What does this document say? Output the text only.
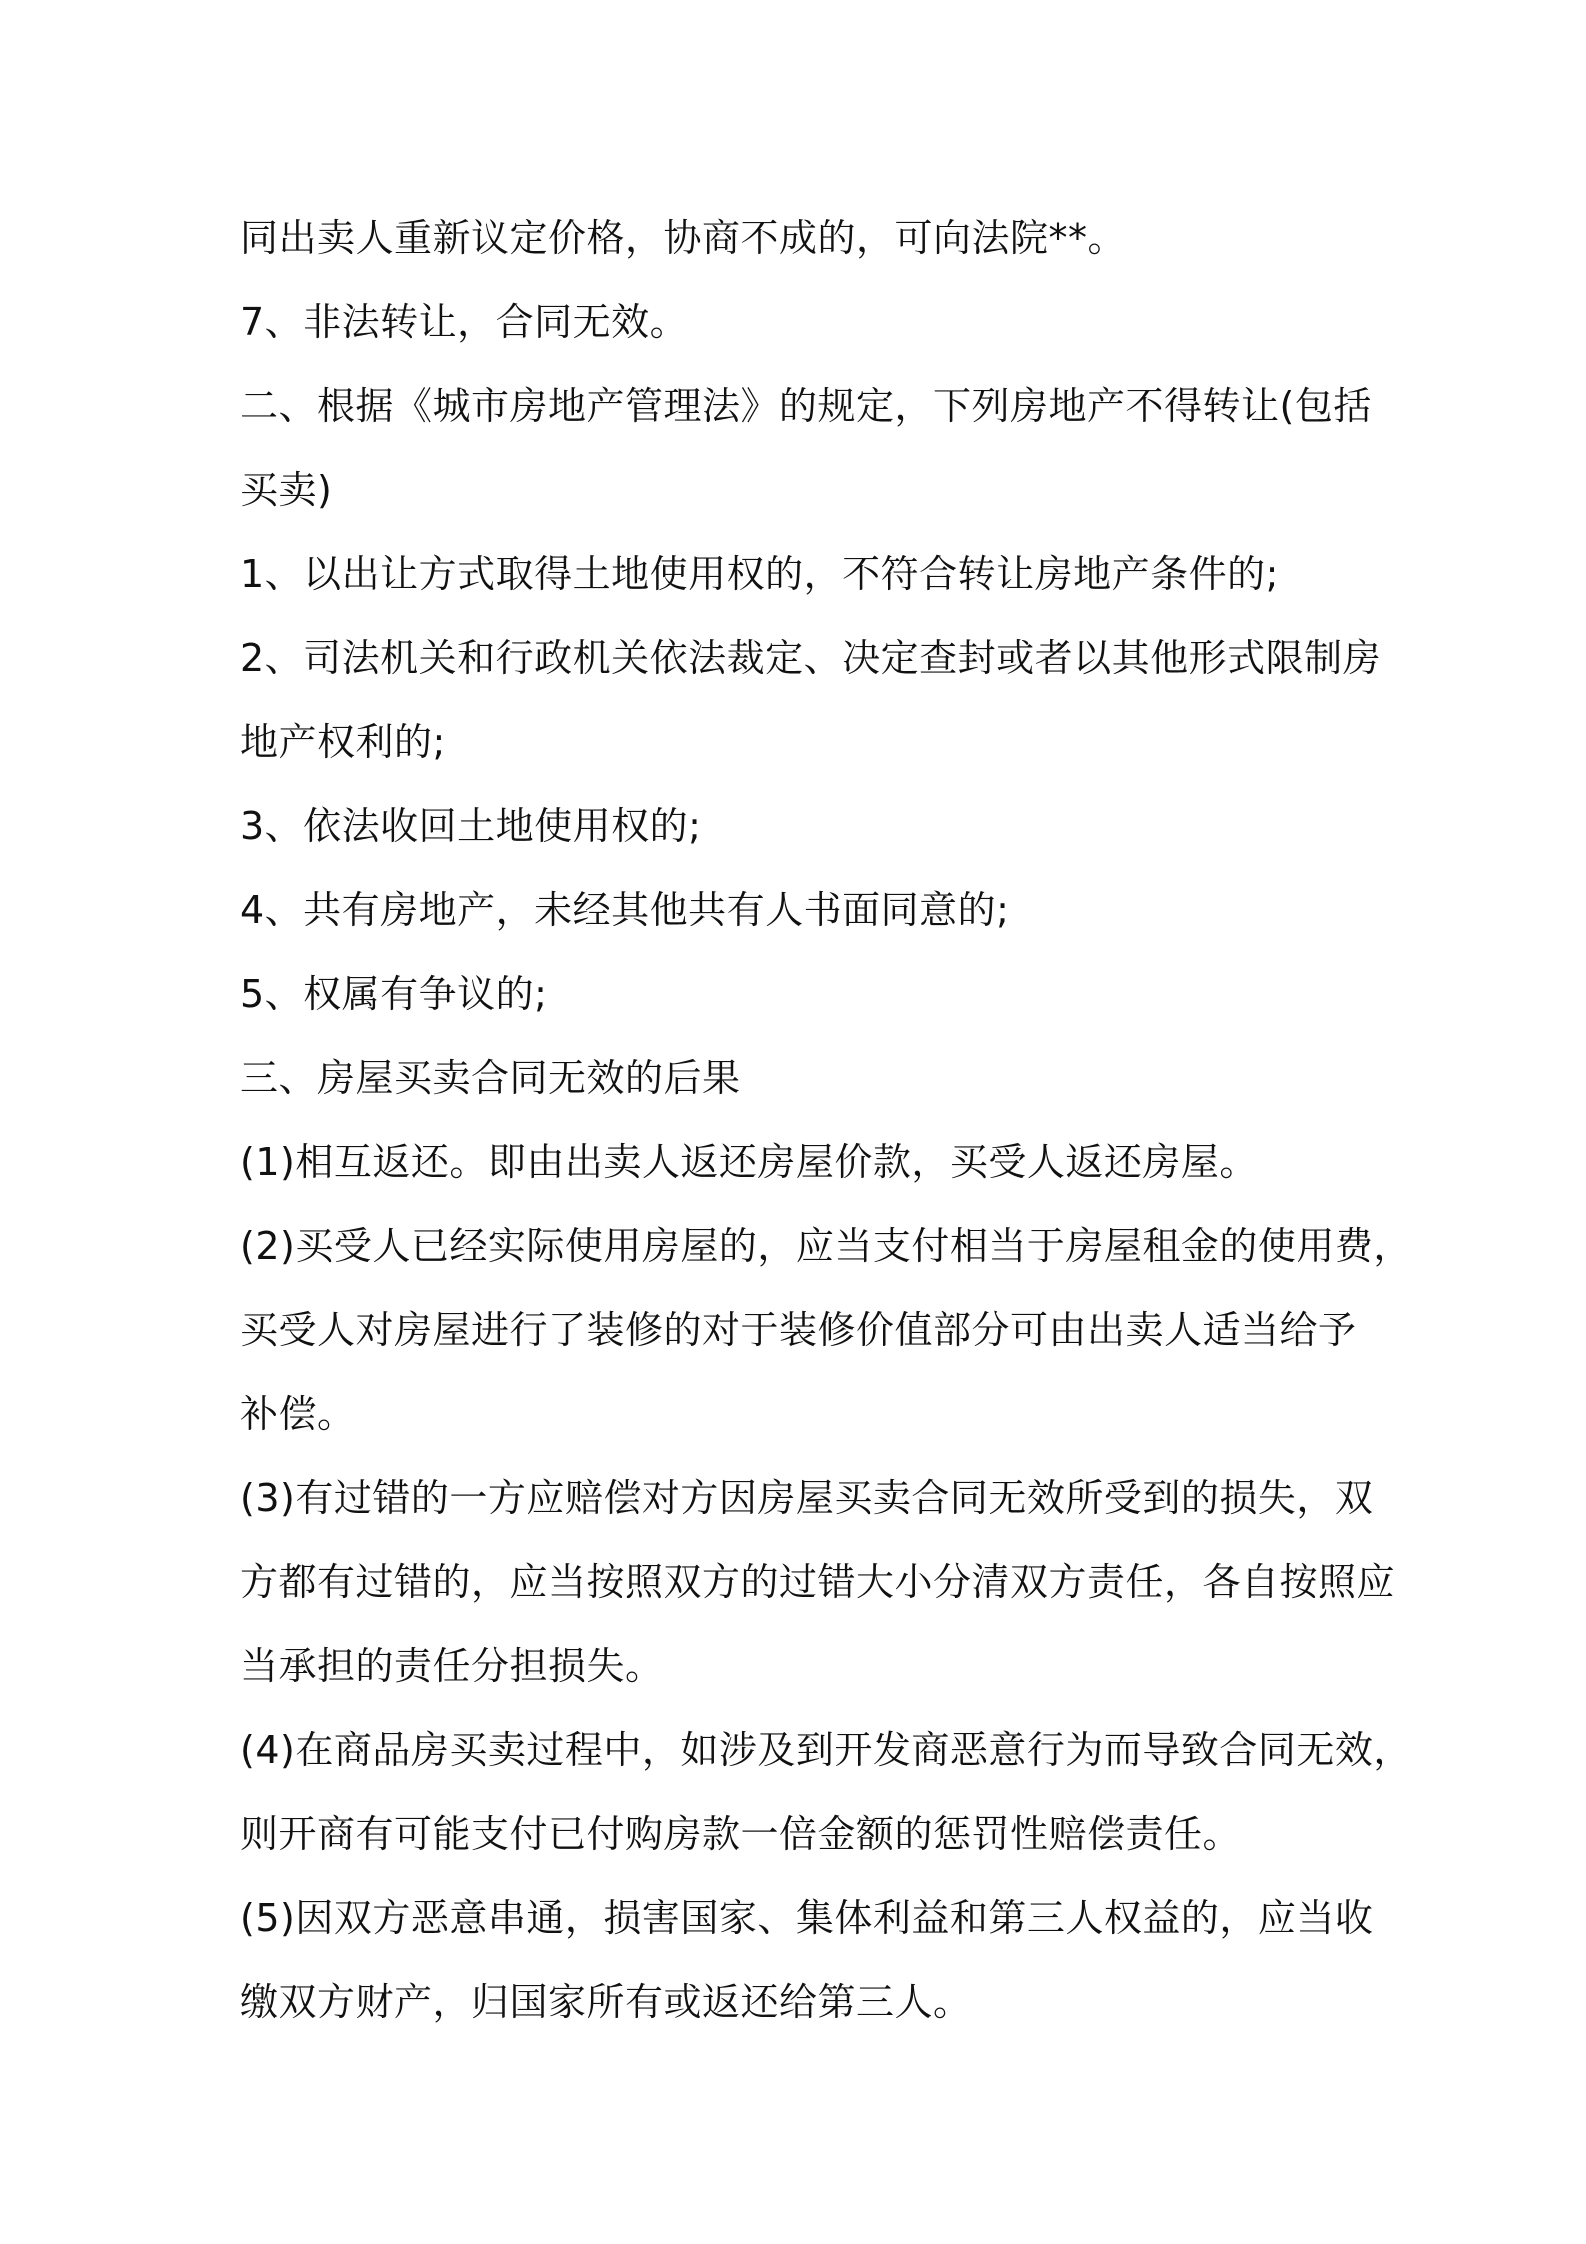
同出卖人重新议定价格，协商不成的，可向法院**。
7、非法转让，合同无效。
二、根据《城市房地产管理法》的规定，下列房地产不得转让(包括
买卖)
1、以出让方式取得土地使用权的，不符合转让房地产条件的;
2、司法机关和行政机关依法裁定、决定查封或者以其他形式限制房
地产权利的;
3、依法收回土地使用权的;
4、共有房地产，未经其他共有人书面同意的;
5、权属有争议的;
三、房屋买卖合同无效的后果
(1)相互返还。即由出卖人返还房屋价款，买受人返还房屋。
(2)买受人已经实际使用房屋的，应当支付相当于房屋租金的使用费，
买受人对房屋进行了装修的对于装修价值部分可由出卖人适当给予
补偿。
(3)有过错的一方应赔偿对方因房屋买卖合同无效所受到的损失，双
方都有过错的，应当按照双方的过错大小分清双方责任，各自按照应
当承担的责任分担损失。
(4)在商品房买卖过程中，如涉及到开发商恶意行为而导致合同无效，
则开商有可能支付已付购房款一倍金额的惩罚性赔偿责任。
(5)因双方恶意串通，损害国家、集体利益和第三人权益的，应当收
缴双方财产，归国家所有或返还给第三人。
